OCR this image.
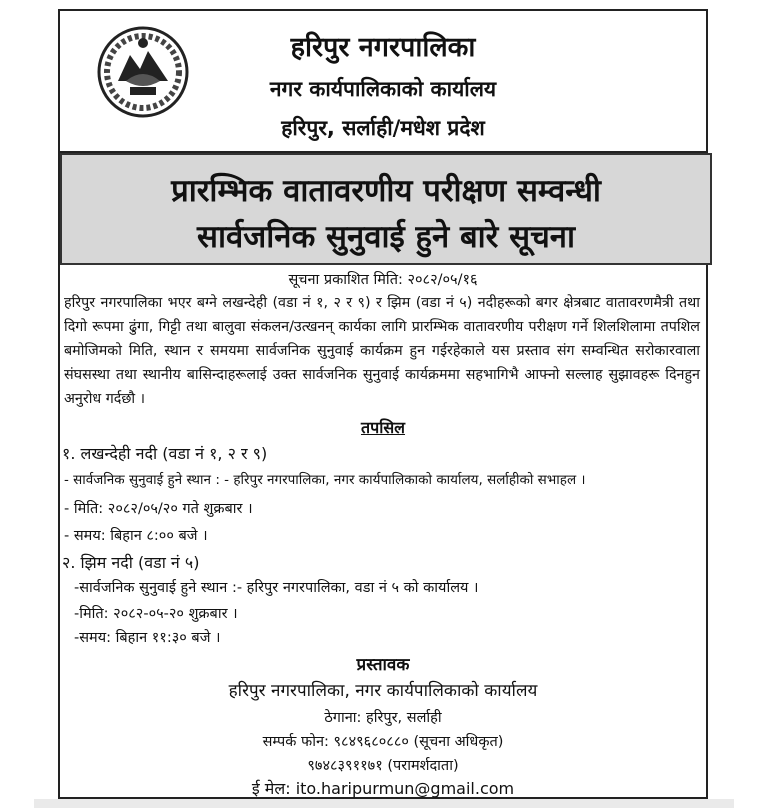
हरिपुर नगरपालिका
नगर कार्यपालिकाको कार्यालय
हरिपुर, सर्लाही/मधेश प्रदेश
प्रारम्भिक वातावरणीय परीक्षण सम्वन्धी
सार्वजनिक सुनुवाई हुने बारे सूचना
सूचना प्रकाशित मिति: २०८२/०५/१६
हरिपुर नगरपालिका भएर बग्ने लखन्देही (वडा नं १, २ र ९) र झिम (वडा नं ५) नदीहरूको बगर क्षेत्रबाट वातावरणमैत्री तथा दिगो रूपमा ढुंगा, गिट्टी तथा बालुवा संकलन/उत्खनन् कार्यका लागि प्रारम्भिक वातावरणीय परीक्षण गर्ने शिलशिलामा तपशिल बमोजिमको मिति, स्थान र समयमा सार्वजनिक सुनुवाई कार्यक्रम हुन गईरहेकाले यस प्रस्ताव संग सम्वन्धित सरोकारवाला संघसस्था तथा स्थानीय बासिन्दाहरूलाई उक्त सार्वजनिक सुनुवाई कार्यक्रममा सहभागिभै आफ्नो सल्लाह सुझावहरू दिनहुन अनुरोध गर्दछौ ।
तपसिल
१. लखन्देही नदी (वडा नं १, २ र ९)
- सार्वजनिक सुनुवाई हुने स्थान : - हरिपुर नगरपालिका, नगर कार्यपालिकाको कार्यालय, सर्लाहीको सभाहल ।
- मिति: २०८२/०५/२० गते शुक्रबार ।
- समय: बिहान ८:०० बजे ।
२. झिम नदी (वडा नं ५)
-सार्वजनिक सुनुवाई हुने स्थान :- हरिपुर नगरपालिका, वडा नं ५ को कार्यालय ।
-मिति: २०८२-०५-२० शुक्रबार ।
-समय: बिहान ११:३० बजे ।
प्रस्तावक
हरिपुर नगरपालिका, नगर कार्यपालिकाको कार्यालय
ठेगाना: हरिपुर, सर्लाही
सम्पर्क फोन: ९८४९६८०८८० (सूचना अधिकृत)
९७४८३९११७१ (परामर्शदाता)
ई मेल: ito.haripurmun@gmail.com
